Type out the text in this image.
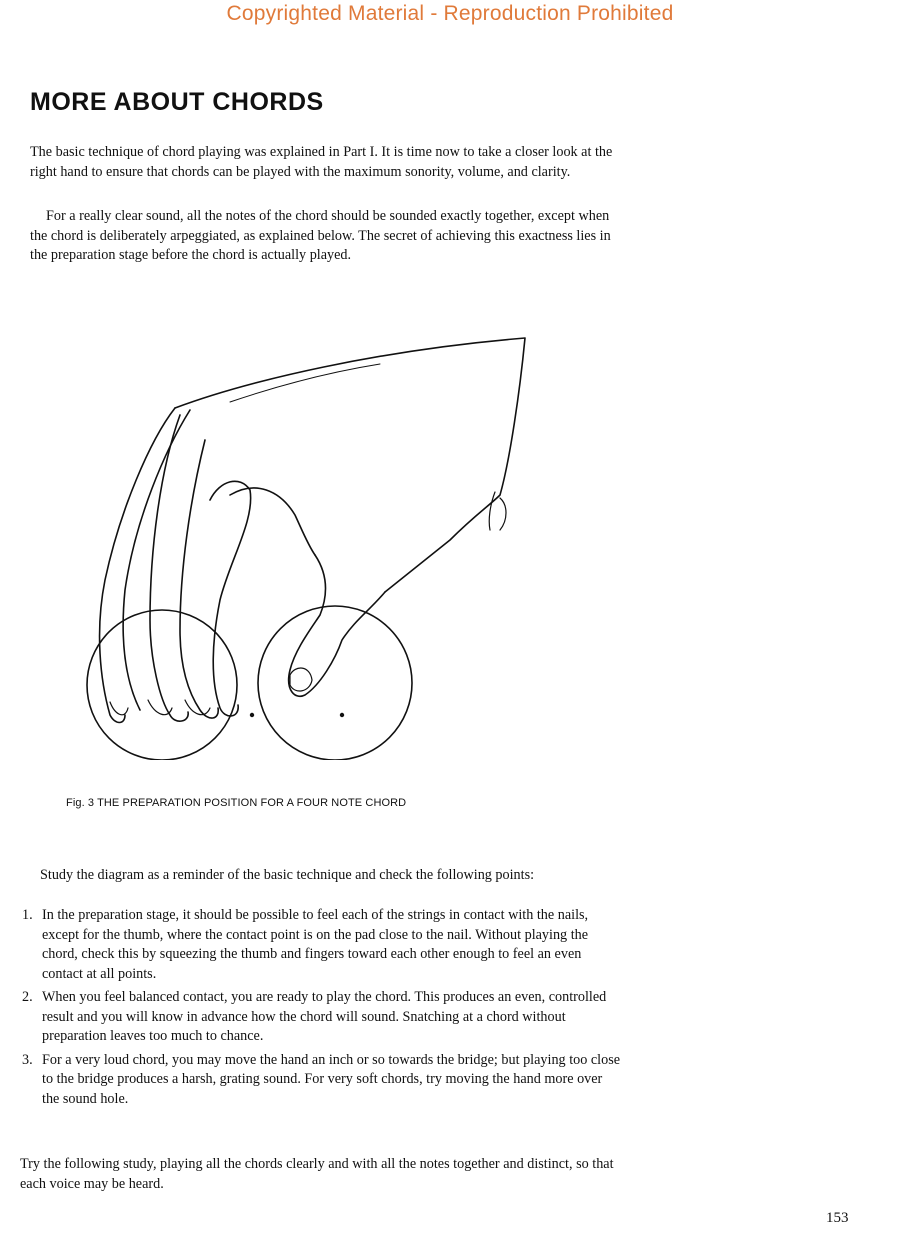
Copyrighted Material - Reproduction Prohibited
MORE ABOUT CHORDS

The basic technique of chord playing was explained in Part I. It is time now to take a closer look at the right hand to ensure that chords can be played with the maximum sonority, volume, and clarity.

For a really clear sound, all the notes of the chord should be sounded exactly together, except when the chord is deliberately arpeggiated, as explained below. The secret of achieving this exactness lies in the preparation stage before the chord is actually played.

Fig. 3 THE PREPARATION POSITION FOR A FOUR NOTE CHORD

Study the diagram as a reminder of the basic technique and check the following points:

1. In the preparation stage, it should be possible to feel each of the strings in contact with the nails, except for the thumb, where the contact point is on the pad close to the nail. Without playing the chord, check this by squeezing the thumb and fingers toward each other enough to feel an even contact at all points.
2. When you feel balanced contact, you are ready to play the chord. This produces an even, controlled result and you will know in advance how the chord will sound. Snatching at a chord without preparation leaves too much to chance.
3. For a very loud chord, you may move the hand an inch or so towards the bridge; but playing too close to the bridge produces a harsh, grating sound. For very soft chords, try moving the hand more over the sound hole.

Try the following study, playing all the chords clearly and with all the notes together and distinct, so that each voice may be heard.

153
